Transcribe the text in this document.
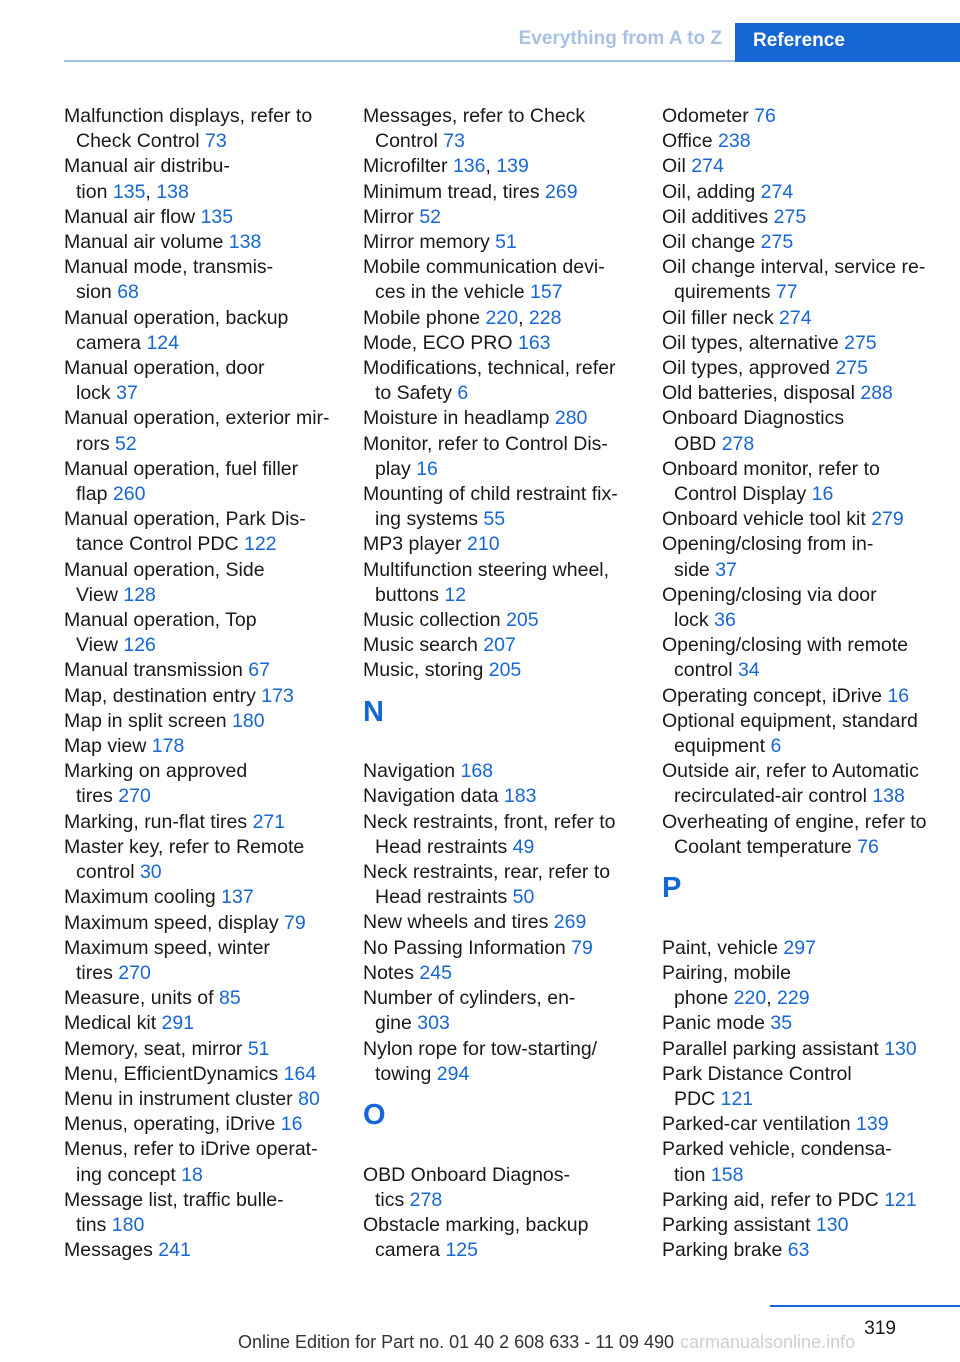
Everything from A to Z	Reference
Malfunction displays, refer to
Check Control 73
Manual air distribu-
tion 135, 138
Manual air flow 135
Manual air volume 138
Manual mode, transmis-
sion 68
Manual operation, backup
camera 124
Manual operation, door
lock 37
Manual operation, exterior mir-
rors 52
Manual operation, fuel filler
flap 260
Manual operation, Park Dis-
tance Control PDC 122
Manual operation, Side
View 128
Manual operation, Top
View 126
Manual transmission 67
Map, destination entry 173
Map in split screen 180
Map view 178
Marking on approved
tires 270
Marking, run-flat tires 271
Master key, refer to Remote
control 30
Maximum cooling 137
Maximum speed, display 79
Maximum speed, winter
tires 270
Measure, units of 85
Medical kit 291
Memory, seat, mirror 51
Menu, EfficientDynamics 164
Menu in instrument cluster 80
Menus, operating, iDrive 16
Menus, refer to iDrive operat-
ing concept 18
Message list, traffic bulle-
tins 180
Messages 241
Messages, refer to Check
Control 73
Microfilter 136, 139
Minimum tread, tires 269
Mirror 52
Mirror memory 51
Mobile communication devi-
ces in the vehicle 157
Mobile phone 220, 228
Mode, ECO PRO 163
Modifications, technical, refer
to Safety 6
Moisture in headlamp 280
Monitor, refer to Control Dis-
play 16
Mounting of child restraint fix-
ing systems 55
MP3 player 210
Multifunction steering wheel,
buttons 12
Music collection 205
Music search 207
Music, storing 205
N
Navigation 168
Navigation data 183
Neck restraints, front, refer to
Head restraints 49
Neck restraints, rear, refer to
Head restraints 50
New wheels and tires 269
No Passing Information 79
Notes 245
Number of cylinders, en-
gine 303
Nylon rope for tow-starting/
towing 294
O
OBD Onboard Diagnos-
tics 278
Obstacle marking, backup
camera 125
Odometer 76
Office 238
Oil 274
Oil, adding 274
Oil additives 275
Oil change 275
Oil change interval, service re-
quirements 77
Oil filler neck 274
Oil types, alternative 275
Oil types, approved 275
Old batteries, disposal 288
Onboard Diagnostics
OBD 278
Onboard monitor, refer to
Control Display 16
Onboard vehicle tool kit 279
Opening/closing from in-
side 37
Opening/closing via door
lock 36
Opening/closing with remote
control 34
Operating concept, iDrive 16
Optional equipment, standard
equipment 6
Outside air, refer to Automatic
recirculated-air control 138
Overheating of engine, refer to
Coolant temperature 76
P
Paint, vehicle 297
Pairing, mobile
phone 220, 229
Panic mode 35
Parallel parking assistant 130
Park Distance Control
PDC 121
Parked-car ventilation 139
Parked vehicle, condensa-
tion 158
Parking aid, refer to PDC 121
Parking assistant 130
Parking brake 63
319
Online Edition for Part no. 01 40 2 608 633 - 11 09 490 carmanualsonline.info
